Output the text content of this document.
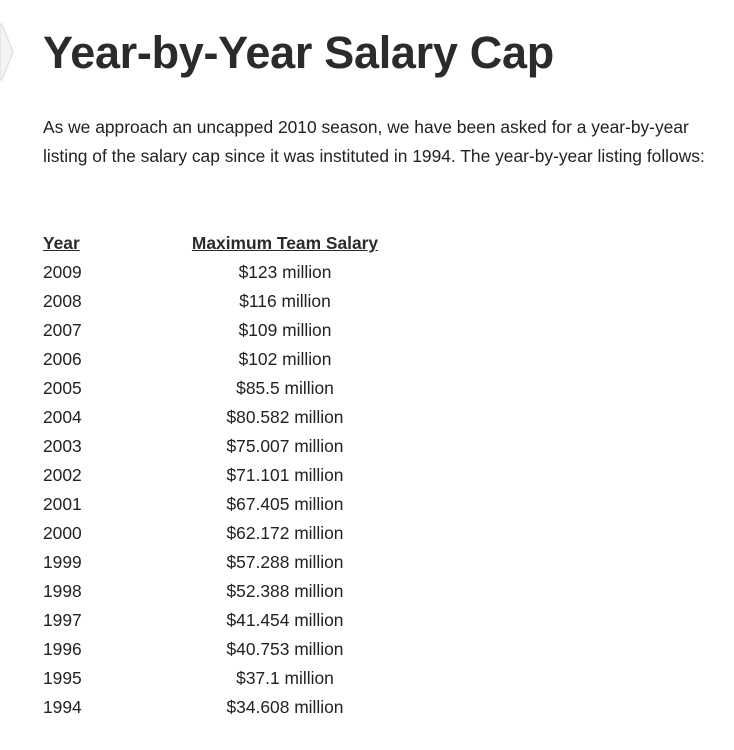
Year-by-Year Salary Cap

As we approach an uncapped 2010 season, we have been asked for a year-by-year listing of the salary cap since it was instituted in 1994. The year-by-year listing follows:

Year	Maximum Team Salary
2009	$123 million
2008	$116 million
2007	$109 million
2006	$102 million
2005	$85.5 million
2004	$80.582 million
2003	$75.007 million
2002	$71.101 million
2001	$67.405 million
2000	$62.172 million
1999	$57.288 million
1998	$52.388 million
1997	$41.454 million
1996	$40.753 million
1995	$37.1 million
1994	$34.608 million
